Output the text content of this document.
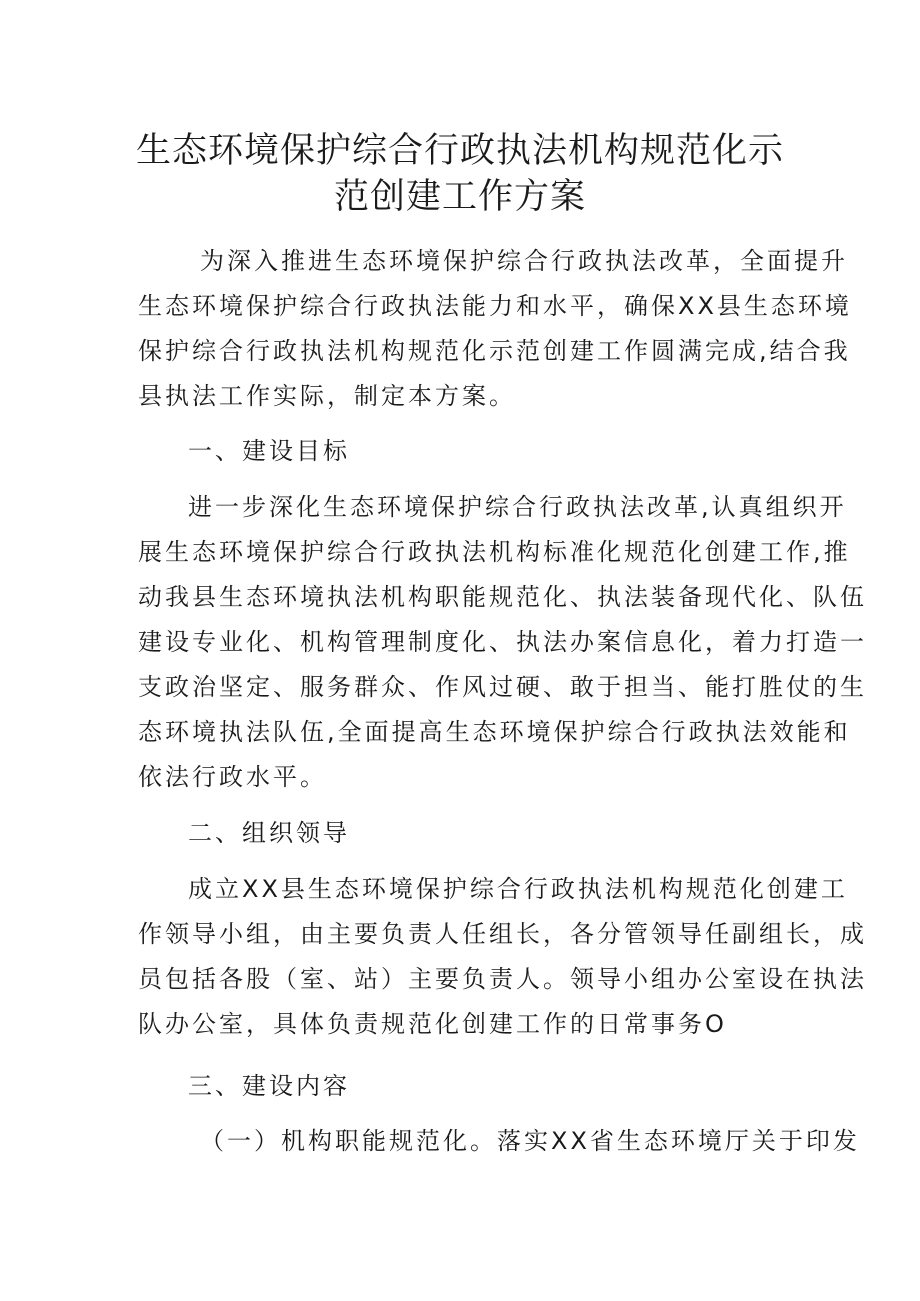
生态环境保护综合行政执法机构规范化示
范创建工作方案
为深入推进生态环境保护综合行政执法改革，全面提升
生态环境保护综合行政执法能力和水平，确保XX县生态环境
保护综合行政执法机构规范化示范创建工作圆满完成,结合我
县执法工作实际，制定本方案。
一、建设目标
进一步深化生态环境保护综合行政执法改革,认真组织开
展生态环境保护综合行政执法机构标准化规范化创建工作,推
动我县生态环境执法机构职能规范化、执法装备现代化、队伍
建设专业化、机构管理制度化、执法办案信息化，着力打造一
支政治坚定、服务群众、作风过硬、敢于担当、能打胜仗的生
态环境执法队伍,全面提高生态环境保护综合行政执法效能和
依法行政水平。
二、组织领导
成立XX县生态环境保护综合行政执法机构规范化创建工
作领导小组，由主要负责人任组长，各分管领导任副组长，成
员包括各股（室、站）主要负责人。领导小组办公室设在执法
队办公室，具体负责规范化创建工作的日常事务O
三、建设内容
（一）机构职能规范化。落实XX省生态环境厅关于印发
